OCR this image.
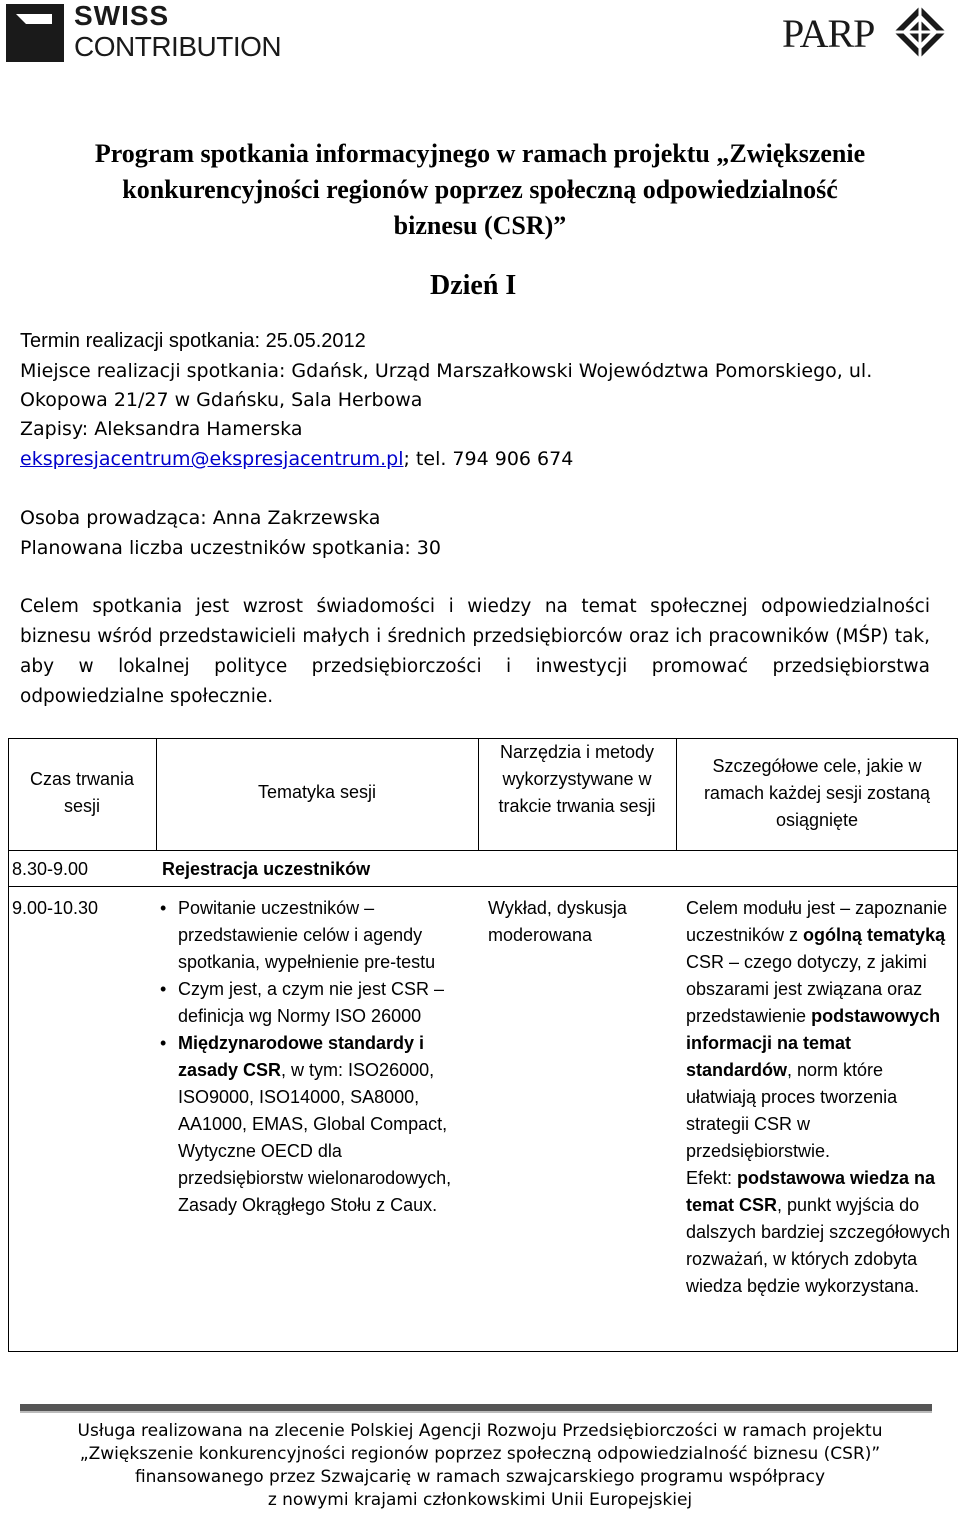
SWISS
CONTRIBUTION	PARP
Program spotkania informacyjnego w ramach projektu „Zwiększenie
konkurencyjności regionów poprzez społeczną odpowiedzialność
biznesu (CSR)”
Dzień I
Termin realizacji spotkania: 25.05.2012
Miejsce realizacji spotkania: Gdańsk, Urząd Marszałkowski Województwa Pomorskiego, ul.
Okopowa 21/27 w Gdańsku, Sala Herbowa
Zapisy: Aleksandra Hamerska
ekspresjacentrum@ekspresjacentrum.pl; tel. 794 906 674
Osoba prowadząca: Anna Zakrzewska
Planowana liczba uczestników spotkania: 30
Celem spotkania jest wzrost świadomości i wiedzy na temat społecznej odpowiedzialności biznesu wśród przedstawicieli małych i średnich przedsiębiorców oraz ich pracowników (MŚP) tak, aby w lokalnej polityce przedsiębiorczości i inwestycji promować przedsiębiorstwa odpowiedzialne społecznie.
Czas trwania sesji
Tematyka sesji
Narzędzia i metody wykorzystywane w trakcie trwania sesji
Szczegółowe cele, jakie w ramach każdej sesji zostaną osiągnięte
8.30-9.00	Rejestracja uczestników
9.00-10.30
•	Powitanie uczestników – przedstawienie celów i agendy spotkania, wypełnienie pre-testu
• Czym jest, a czym nie jest CSR – definicja wg Normy ISO 26000
• Międzynarodowe standardy i zasady CSR, w tym: ISO26000, ISO9000, ISO14000, SA8000, AA1000, EMAS, Global Compact, Wytyczne OECD dla przedsiębiorstw wielonarodowych, Zasady Okrągłego Stołu z Caux.
Wykład, dyskusja moderowana
Celem modułu jest – zapoznanie uczestników z ogólną tematyką CSR – czego dotyczy, z jakimi obszarami jest związana oraz przedstawienie podstawowych informacji na temat standardów, norm które ułatwiają proces tworzenia strategii CSR w przedsiębiorstwie.
Efekt: podstawowa wiedza na temat CSR, punkt wyjścia do dalszych bardziej szczegółowych rozważań, w których zdobyta wiedza będzie wykorzystana.
Usługa realizowana na zlecenie Polskiej Agencji Rozwoju Przedsiębiorczości w ramach projektu
„Zwiększenie konkurencyjności regionów poprzez społeczną odpowiedzialność biznesu (CSR)”
finansowanego przez Szwajcarię w ramach szwajcarskiego programu współpracy
z nowymi krajami członkowskimi Unii Europejskiej
